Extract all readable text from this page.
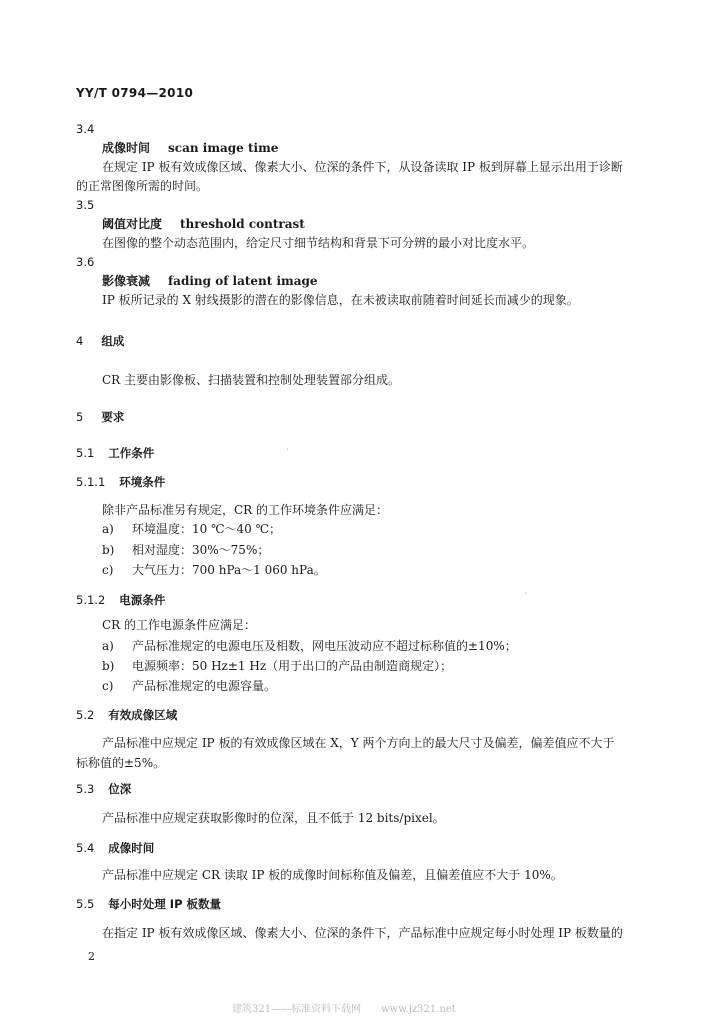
YY/T 0794—2010
3.4
成像时间 scan image time
在规定 IP 板有效成像区域、像素大小、位深的条件下，从设备读取 IP 板到屏幕上显示出用于诊断
的正常图像所需的时间。
3.5
阈值对比度 threshold contrast
在图像的整个动态范围内，给定尺寸细节结构和背景下可分辨的最小对比度水平。
3.6
影像衰减 fading of latent image
IP 板所记录的 X 射线摄影的潜在的影像信息，在未被读取前随着时间延长而减少的现象。
4 组成
CR 主要由影像板、扫描装置和控制处理装置部分组成。
5 要求
5.1 工作条件	ˋ
5.1.1 环境条件
除非产品标准另有规定，CR 的工作环境条件应满足：
a) 环境温度：10 ℃～40 ℃；
b) 相对湿度：30%～75%；
c) 大气压力：700 hPa～1 060 hPa。
5.1.2 电源条件	ˋ
CR 的工作电源条件应满足：
a) 产品标准规定的电源电压及相数，网电压波动应不超过标称值的±10%；
b) 电源频率：50 Hz±1 Hz（用于出口的产品由制造商规定）；
c) 产品标准规定的电源容量。
5.2 有效成像区域
产品标准中应规定 IP 板的有效成像区域在 X，Y 两个方向上的最大尺寸及偏差，偏差值应不大于
标称值的±5%。
5.3 位深
产品标准中应规定获取影像时的位深，且不低于 12 bits/pixel。
5.4 成像时间
产品标准中应规定 CR 读取 IP 板的成像时间标称值及偏差，且偏差值应不大于 10%。
5.5 每小时处理 IP 板数量
在指定 IP 板有效成像区域、像素大小、位深的条件下，产品标准中应规定每小时处理 IP 板数量的
2
建筑321——标准资料下载网　　www.jz321.net
